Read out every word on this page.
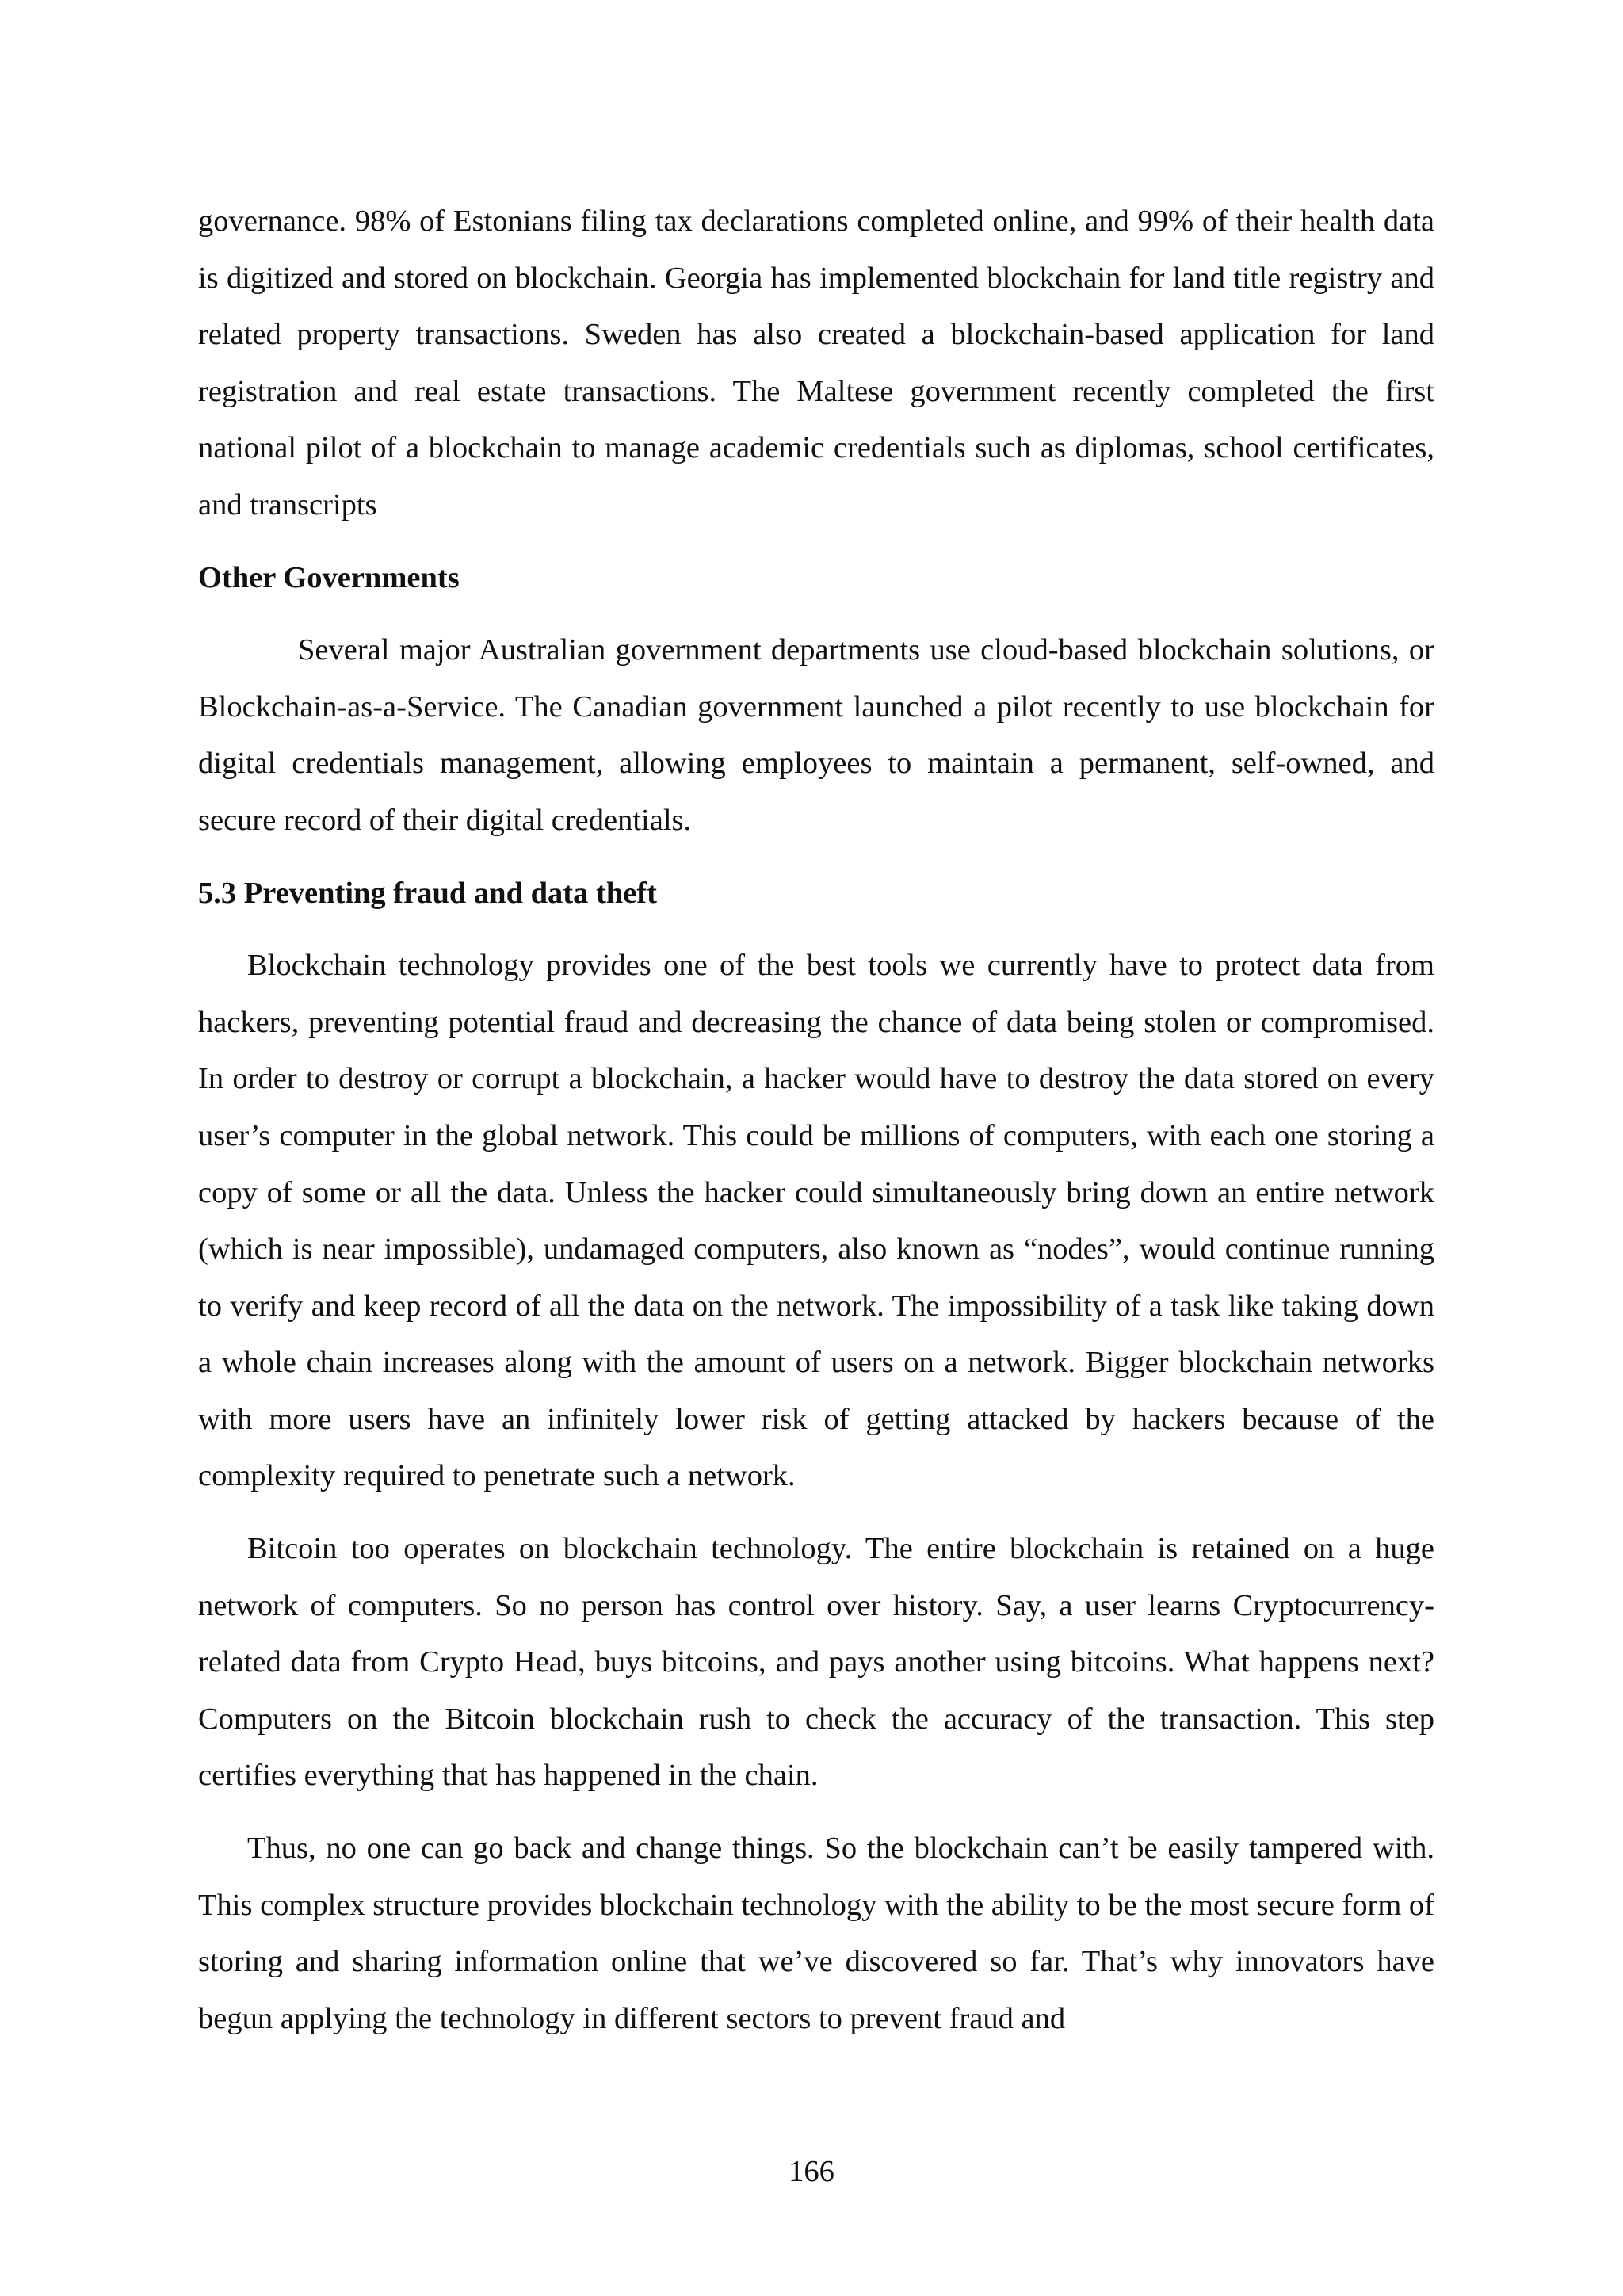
governance. 98% of Estonians filing tax declarations completed online, and 99% of their health data is digitized and stored on blockchain. Georgia has implemented blockchain for land title registry and related property transactions. Sweden has also created a blockchain-based application for land registration and real estate transactions. The Maltese government recently completed the first national pilot of a blockchain to manage academic credentials such as diplomas, school certificates, and transcripts

Other Governments

Several major Australian government departments use cloud-based blockchain solutions, or Blockchain-as-a-Service. The Canadian government launched a pilot recently to use blockchain for digital credentials management, allowing employees to maintain a permanent, self-owned, and secure record of their digital credentials.

5.3 Preventing fraud and data theft

Blockchain technology provides one of the best tools we currently have to protect data from hackers, preventing potential fraud and decreasing the chance of data being stolen or compromised. In order to destroy or corrupt a blockchain, a hacker would have to destroy the data stored on every user’s computer in the global network. This could be millions of computers, with each one storing a copy of some or all the data. Unless the hacker could simultaneously bring down an entire network (which is near impossible), undamaged computers, also known as “nodes”, would continue running to verify and keep record of all the data on the network. The impossibility of a task like taking down a whole chain increases along with the amount of users on a network. Bigger blockchain networks with more users have an infinitely lower risk of getting attacked by hackers because of the complexity required to penetrate such a network.

Bitcoin too operates on blockchain technology. The entire blockchain is retained on a huge network of computers. So no person has control over history. Say, a user learns Cryptocurrency-related data from Crypto Head, buys bitcoins, and pays another using bitcoins. What happens next? Computers on the Bitcoin blockchain rush to check the accuracy of the transaction. This step certifies everything that has happened in the chain.

Thus, no one can go back and change things. So the blockchain can’t be easily tampered with. This complex structure provides blockchain technology with the ability to be the most secure form of storing and sharing information online that we’ve discovered so far. That’s why innovators have begun applying the technology in different sectors to prevent fraud and

166
